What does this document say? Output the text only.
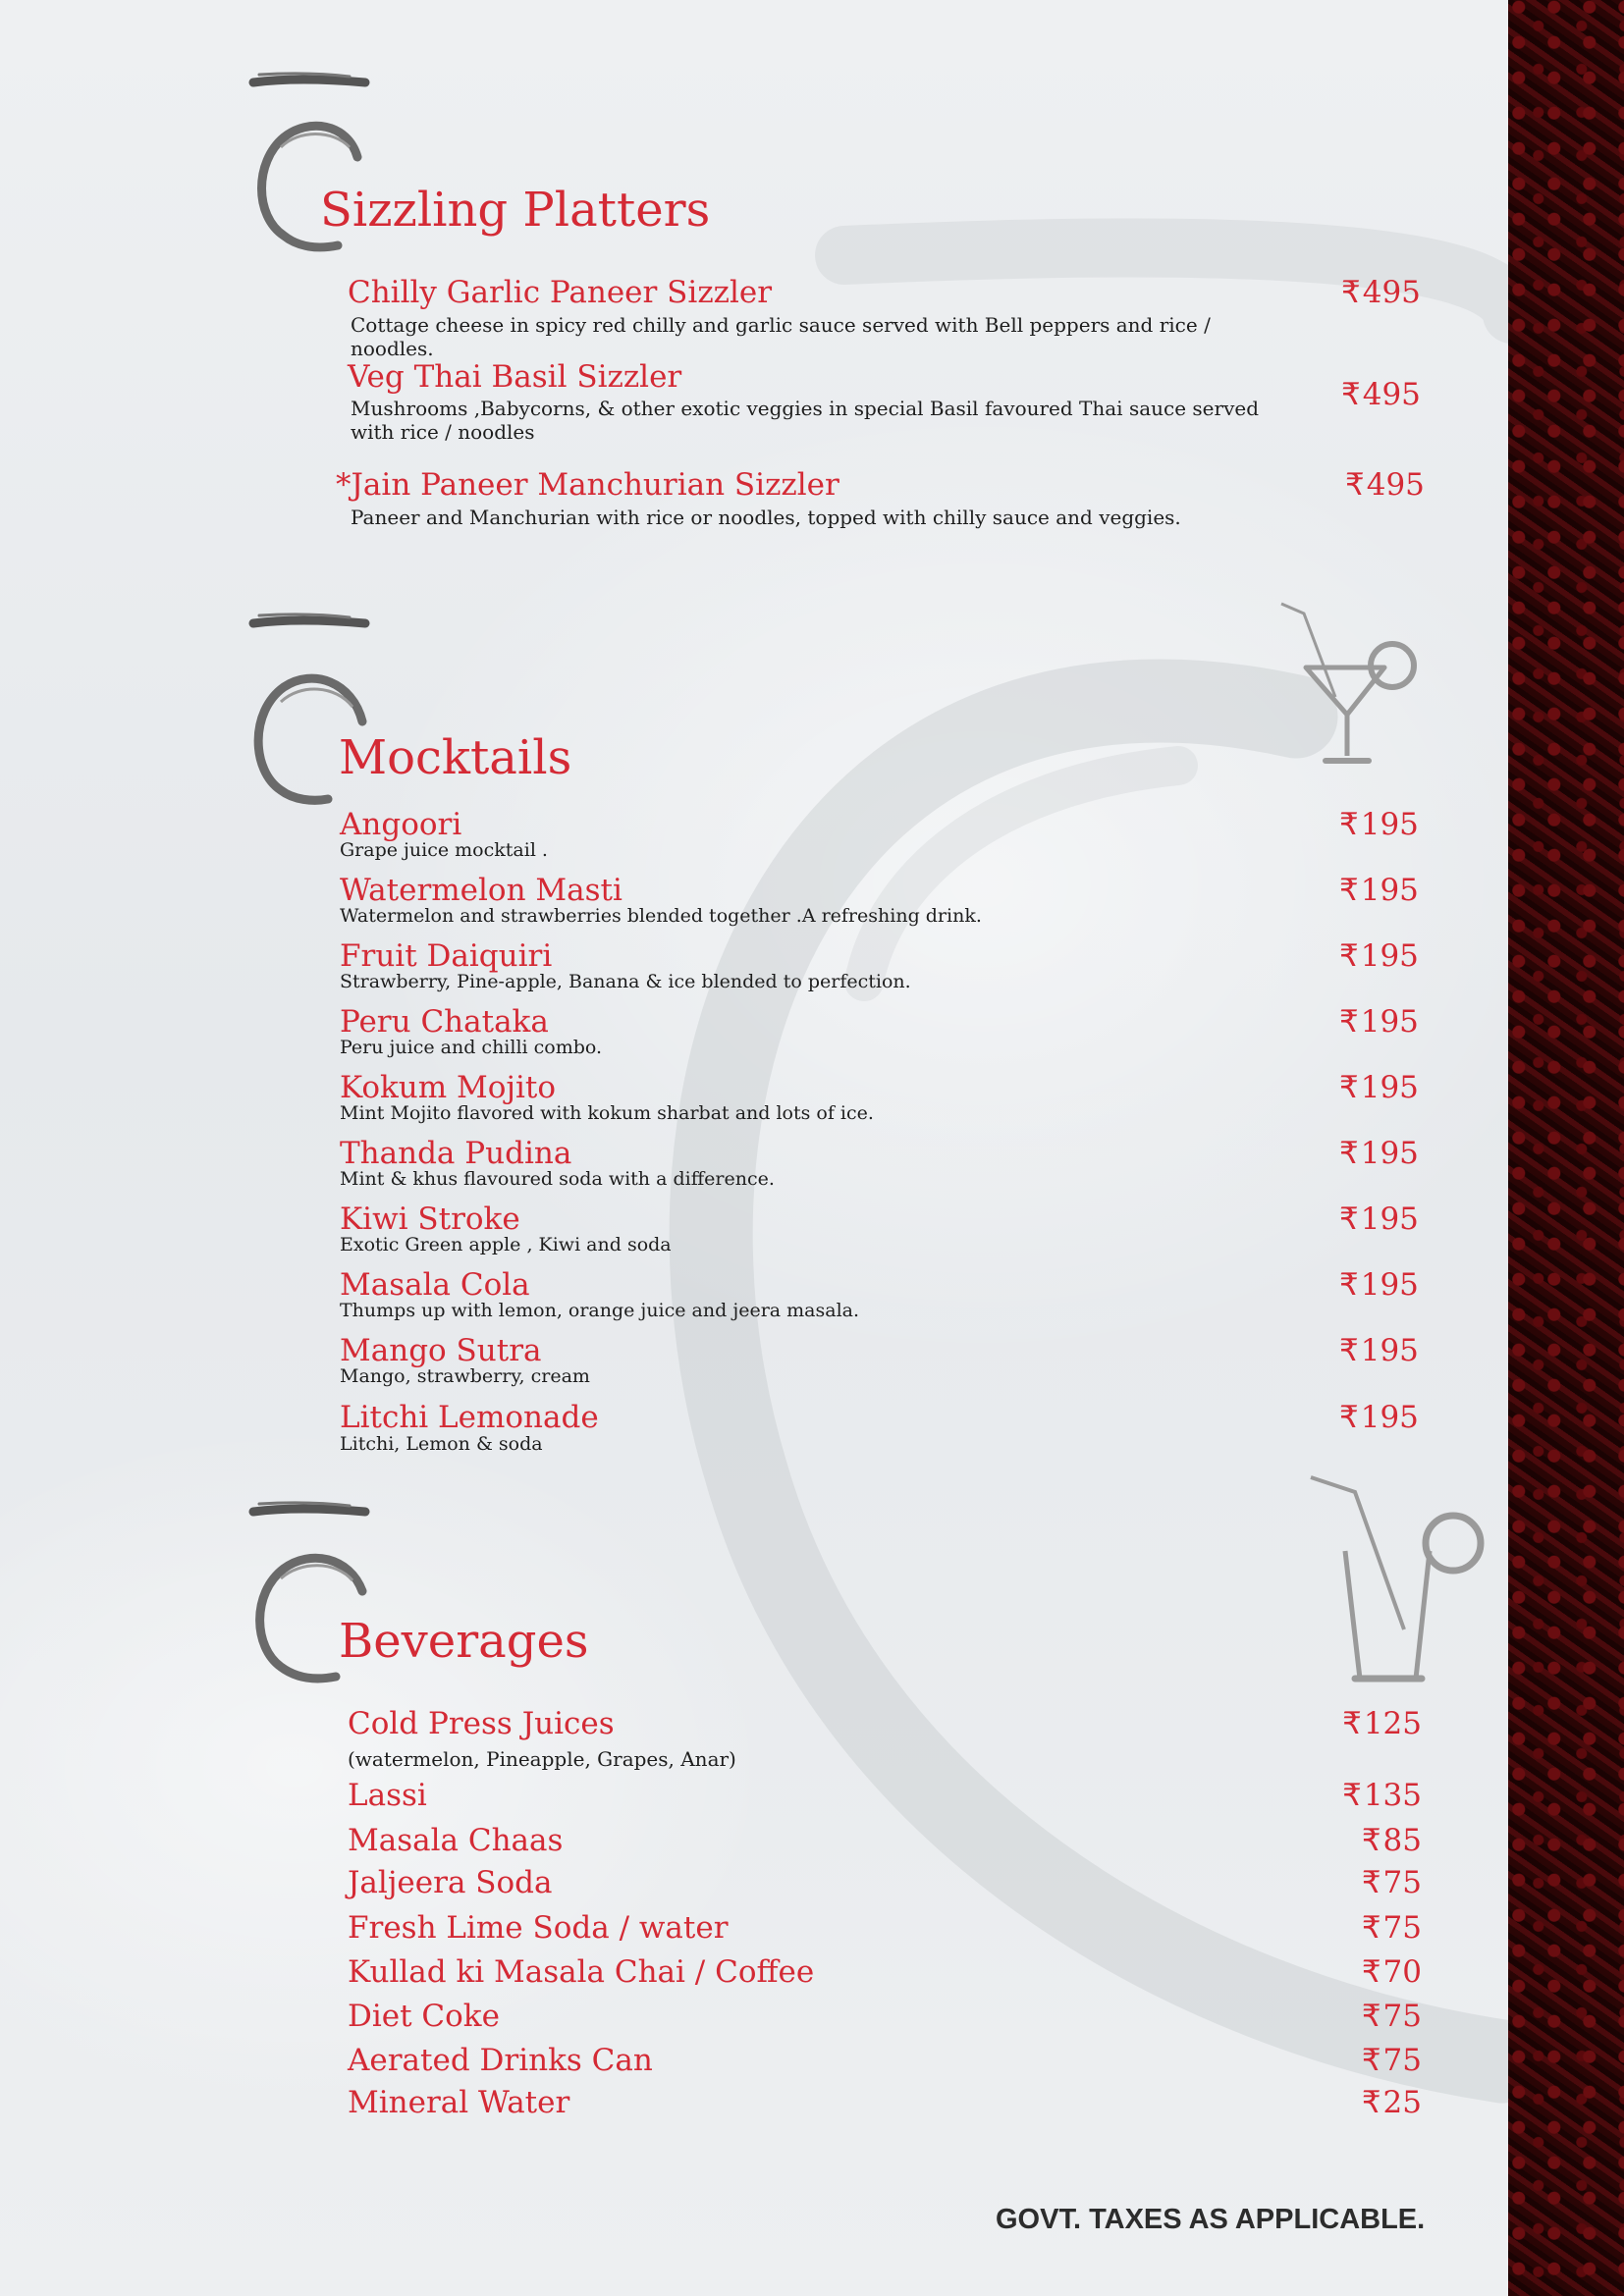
Sizzling Platters
Chilly Garlic Paneer Sizzler	₹495

Cottage cheese in spicy red chilly and garlic sauce served with Bell peppers and rice / noodles.

Veg Thai Basil Sizzler	₹495

Mushrooms ,Babycorns, & other exotic veggies in special Basil favoured Thai sauce served with rice / noodles

*Jain Paneer Manchurian Sizzler	₹495

Paneer and Manchurian with rice or noodles, topped with chilly sauce and veggies.

Mocktails
Angoori	₹195

Grape juice mocktail .

Watermelon Masti	₹195

Watermelon and strawberries blended together .A refreshing drink.

Fruit Daiquiri	₹195

Strawberry, Pine-apple, Banana & ice blended to perfection.

Peru Chataka	₹195

Peru juice and chilli combo.

Kokum Mojito	₹195

Mint Mojito flavored with kokum sharbat and lots of ice.

Thanda Pudina	₹195

Mint & khus flavoured soda with a difference.

Kiwi Stroke	₹195

Exotic Green apple , Kiwi and soda

Masala Cola	₹195

Thumps up with lemon, orange juice and jeera masala.

Mango Sutra	₹195

Mango, strawberry, cream

Litchi Lemonade	₹195

Litchi, Lemon & soda

Beverages
Cold Press Juices	₹125

(watermelon, Pineapple, Grapes, Anar)

Lassi	₹135
Masala Chaas	₹85
Jaljeera Soda	₹75
Fresh Lime Soda / water	₹75
Kullad ki Masala Chai / Coffee	₹70
Diet Coke	₹75
Aerated Drinks Can	₹75
Mineral Water	₹25

GOVT. TAXES AS APPLICABLE.
